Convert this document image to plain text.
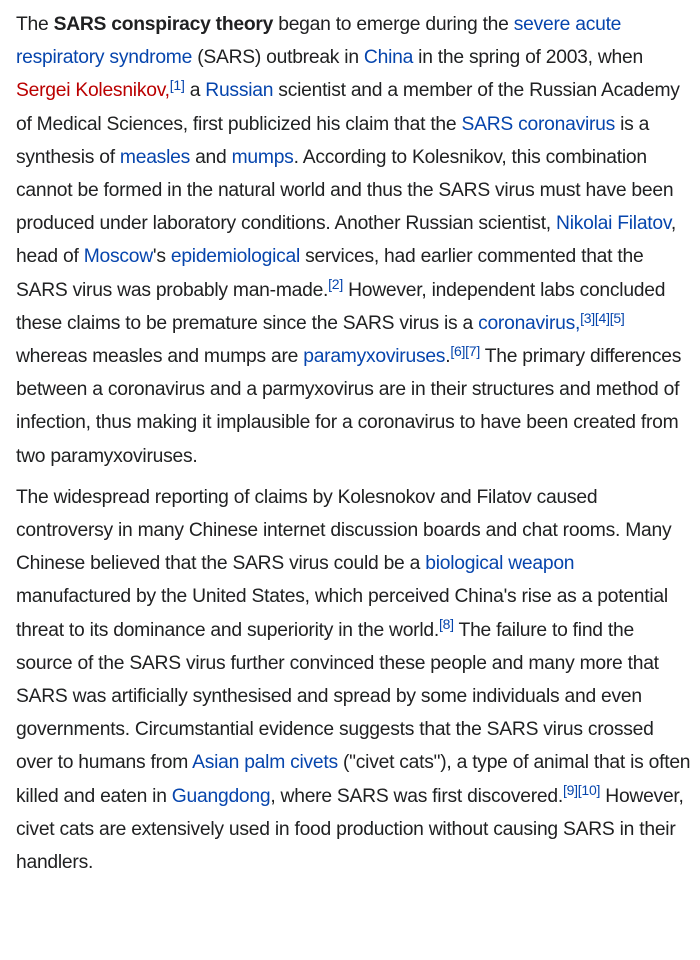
The SARS conspiracy theory began to emerge during the severe acute respiratory syndrome (SARS) outbreak in China in the spring of 2003, when Sergei Kolesnikov,[1] a Russian scientist and a member of the Russian Academy of Medical Sciences, first publicized his claim that the SARS coronavirus is a synthesis of measles and mumps. According to Kolesnikov, this combination cannot be formed in the natural world and thus the SARS virus must have been produced under laboratory conditions. Another Russian scientist, Nikolai Filatov, head of Moscow's epidemiological services, had earlier commented that the SARS virus was probably man-made.[2] However, independent labs concluded these claims to be premature since the SARS virus is a coronavirus,[3][4][5] whereas measles and mumps are paramyxoviruses.[6][7] The primary differences between a coronavirus and a parmyxovirus are in their structures and method of infection, thus making it implausible for a coronavirus to have been created from two paramyxoviruses.

The widespread reporting of claims by Kolesnokov and Filatov caused controversy in many Chinese internet discussion boards and chat rooms. Many Chinese believed that the SARS virus could be a biological weapon manufactured by the United States, which perceived China's rise as a potential threat to its dominance and superiority in the world.[8] The failure to find the source of the SARS virus further convinced these people and many more that SARS was artificially synthesised and spread by some individuals and even governments. Circumstantial evidence suggests that the SARS virus crossed over to humans from Asian palm civets ("civet cats"), a type of animal that is often killed and eaten in Guangdong, where SARS was first discovered.[9][10] However, civet cats are extensively used in food production without causing SARS in their handlers.
